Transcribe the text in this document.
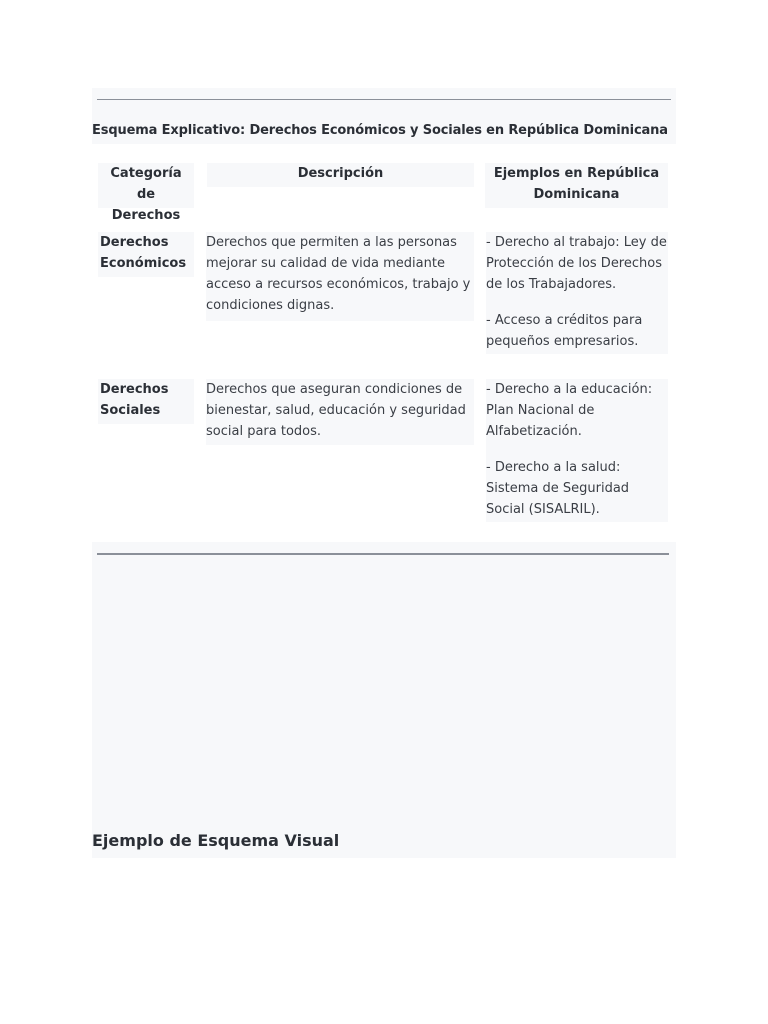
Esquema Explicativo: Derechos Económicos y Sociales en República Dominicana
Categoría de Derechos
Descripción	Ejemplos en República Dominicana
Derechos Económicos
Derechos que permiten a las personas mejorar su calidad de vida mediante acceso a recursos económicos, trabajo y condiciones dignas.

- Derecho al trabajo: Ley de Protección de los Derechos de los Trabajadores.

- Acceso a créditos para pequeños empresarios.

Derechos Sociales
Derechos que aseguran condiciones de bienestar, salud, educación y seguridad social para todos.

- Derecho a la educación: Plan Nacional de Alfabetización.

- Derecho a la salud: Sistema de Seguridad Social (SISALRIL).

Ejemplo de Esquema Visual
